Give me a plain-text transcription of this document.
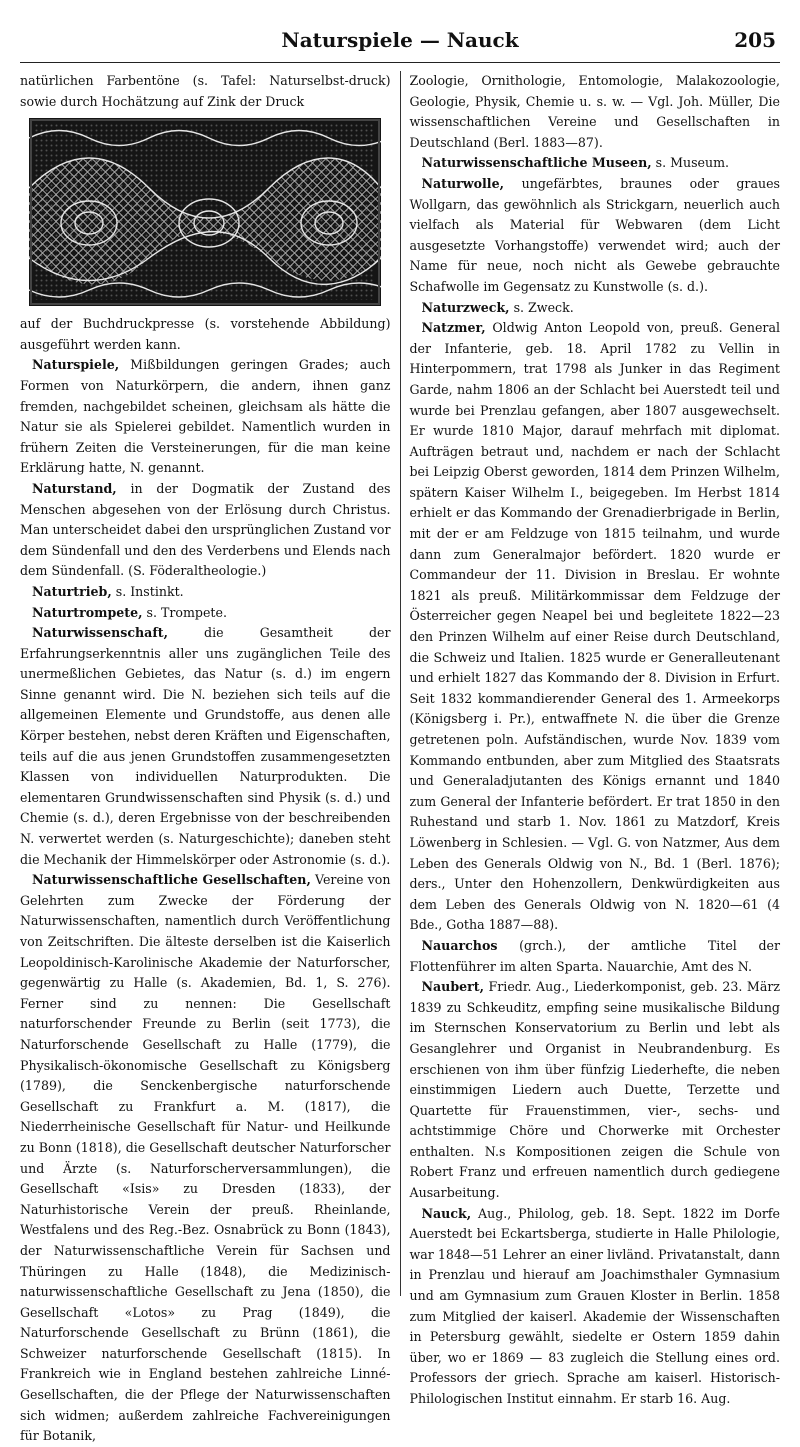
Naturspiele — Nauck	205

natürlichen Farbentöne (s. Tafel: Naturselbst-druck) sowie durch Hochätzung auf Zink der Druck

auf der Buchdruckpresse (s. vorstehende Abbildung) ausgeführt werden kann.

Naturspiele, Mißbildungen geringen Grades; auch Formen von Naturkörpern, die andern, ihnen ganz fremden, nachgebildet scheinen, gleichsam als hätte die Natur sie als Spielerei gebildet. Namentlich wurden in frühern Zeiten die Versteinerungen, für die man keine Erklärung hatte, N. genannt.

Naturstand, in der Dogmatik der Zustand des Menschen abgesehen von der Erlösung durch Christus. Man unterscheidet dabei den ursprünglichen Zustand vor dem Sündenfall und den des Verderbens und Elends nach dem Sündenfall. (S. Föderaltheologie.)

Naturtrieb, s. Instinkt.

Naturtrompete, s. Trompete.

Naturwissenschaft, die Gesamtheit der Erfahrungserkenntnis aller uns zugänglichen Teile des unermeßlichen Gebietes, das Natur (s. d.) im engern Sinne genannt wird. Die N. beziehen sich teils auf die allgemeinen Elemente und Grundstoffe, aus denen alle Körper bestehen, nebst deren Kräften und Eigenschaften, teils auf die aus jenen Grundstoffen zusammengesetzten Klassen von individuellen Naturprodukten. Die elementaren Grundwissenschaften sind Physik (s. d.) und Chemie (s. d.), deren Ergebnisse von der beschreibenden N. verwertet werden (s. Naturgeschichte); daneben steht die Mechanik der Himmelskörper oder Astronomie (s. d.).

Naturwissenschaftliche Gesellschaften, Vereine von Gelehrten zum Zwecke der Förderung der Naturwissenschaften, namentlich durch Veröffentlichung von Zeitschriften. Die älteste derselben ist die Kaiserlich Leopoldinisch-Karolinische Akademie der Naturforscher, gegenwärtig zu Halle (s. Akademien, Bd. 1, S. 276). Ferner sind zu nennen: Die Gesellschaft naturforschender Freunde zu Berlin (seit 1773), die Naturforschende Gesellschaft zu Halle (1779), die Physikalisch-ökonomische Gesellschaft zu Königsberg (1789), die Senckenbergische naturforschende Gesellschaft zu Frankfurt a. M. (1817), die Niederrheinische Gesellschaft für Natur- und Heilkunde zu Bonn (1818), die Gesellschaft deutscher Naturforscher und Ärzte (s. Naturforscherversammlungen), die Gesellschaft «Isis» zu Dresden (1833), der Naturhistorische Verein der preuß. Rheinlande, Westfalens und des Reg.-Bez. Osnabrück zu Bonn (1843), der Naturwissenschaftliche Verein für Sachsen und Thüringen zu Halle (1848), die Medizinisch-naturwissenschaftliche Gesellschaft zu Jena (1850), die Gesellschaft «Lotos» zu Prag (1849), die Naturforschende Gesellschaft zu Brünn (1861), die Schweizer naturforschende Gesellschaft (1815). In Frankreich wie in England bestehen zahlreiche Linné-Gesellschaften, die der Pflege der Naturwissenschaften sich widmen; außerdem zahlreiche Fachvereinigungen für Botanik,

Zoologie, Ornithologie, Entomologie, Malakozoologie, Geologie, Physik, Chemie u. s. w. — Vgl. Joh. Müller, Die wissenschaftlichen Vereine und Gesellschaften in Deutschland (Berl. 1883—87).

Naturwissenschaftliche Museen, s. Museum.

Naturwolle, ungefärbtes, braunes oder graues Wollgarn, das gewöhnlich als Strickgarn, neuerlich auch vielfach als Material für Webwaren (dem Licht ausgesetzte Vorhangstoffe) verwendet wird; auch der Name für neue, noch nicht als Gewebe gebrauchte Schafwolle im Gegensatz zu Kunstwolle (s. d.).

Naturzweck, s. Zweck.

Natzmer, Oldwig Anton Leopold von, preuß. General der Infanterie, geb. 18. April 1782 zu Vellin in Hinterpommern, trat 1798 als Junker in das Regiment Garde, nahm 1806 an der Schlacht bei Auerstedt teil und wurde bei Prenzlau gefangen, aber 1807 ausgewechselt. Er wurde 1810 Major, darauf mehrfach mit diplomat. Aufträgen betraut und, nachdem er nach der Schlacht bei Leipzig Oberst geworden, 1814 dem Prinzen Wilhelm, spätern Kaiser Wilhelm I., beigegeben. Im Herbst 1814 erhielt er das Kommando der Grenadierbrigade in Berlin, mit der er am Feldzuge von 1815 teilnahm, und wurde dann zum Generalmajor befördert. 1820 wurde er Commandeur der 11. Division in Breslau. Er wohnte 1821 als preuß. Militärkommissar dem Feldzuge der Österreicher gegen Neapel bei und begleitete 1822—23 den Prinzen Wilhelm auf einer Reise durch Deutschland, die Schweiz und Italien. 1825 wurde er Generalleutenant und erhielt 1827 das Kommando der 8. Division in Erfurt. Seit 1832 kommandierender General des 1. Armeekorps (Königsberg i. Pr.), entwaffnete N. die über die Grenze getretenen poln. Aufständischen, wurde Nov. 1839 vom Kommando entbunden, aber zum Mitglied des Staatsrats und Generaladjutanten des Königs ernannt und 1840 zum General der Infanterie befördert. Er trat 1850 in den Ruhestand und starb 1. Nov. 1861 zu Matzdorf, Kreis Löwenberg in Schlesien. — Vgl. G. von Natzmer, Aus dem Leben des Generals Oldwig von N., Bd. 1 (Berl. 1876); ders., Unter den Hohenzollern, Denkwürdigkeiten aus dem Leben des Generals Oldwig von N. 1820—61 (4 Bde., Gotha 1887—88).

Nauarchos (grch.), der amtliche Titel der Flottenführer im alten Sparta. Nauarchie, Amt des N.

Naubert, Friedr. Aug., Liederkomponist, geb. 23. März 1839 zu Schkeuditz, empfing seine musikalische Bildung im Sternschen Konservatorium zu Berlin und lebt als Gesanglehrer und Organist in Neubrandenburg. Es erschienen von ihm über fünfzig Liederhefte, die neben einstimmigen Liedern auch Duette, Terzette und Quartette für Frauenstimmen, vier-, sechs- und achtstimmige Chöre und Chorwerke mit Orchester enthalten. N.s Kompositionen zeigen die Schule von Robert Franz und erfreuen namentlich durch gediegene Ausarbeitung.

Nauck, Aug., Philolog, geb. 18. Sept. 1822 im Dorfe Auerstedt bei Eckartsberga, studierte in Halle Philologie, war 1848—51 Lehrer an einer livländ. Privatanstalt, dann in Prenzlau und hierauf am Joachimsthaler Gymnasium und am Gymnasium zum Grauen Kloster in Berlin. 1858 zum Mitglied der kaiserl. Akademie der Wissenschaften in Petersburg gewählt, siedelte er Ostern 1859 dahin über, wo er 1869 — 83 zugleich die Stellung eines ord. Professors der griech. Sprache am kaiserl. Historisch-Philologischen Institut einnahm. Er starb 16. Aug.
